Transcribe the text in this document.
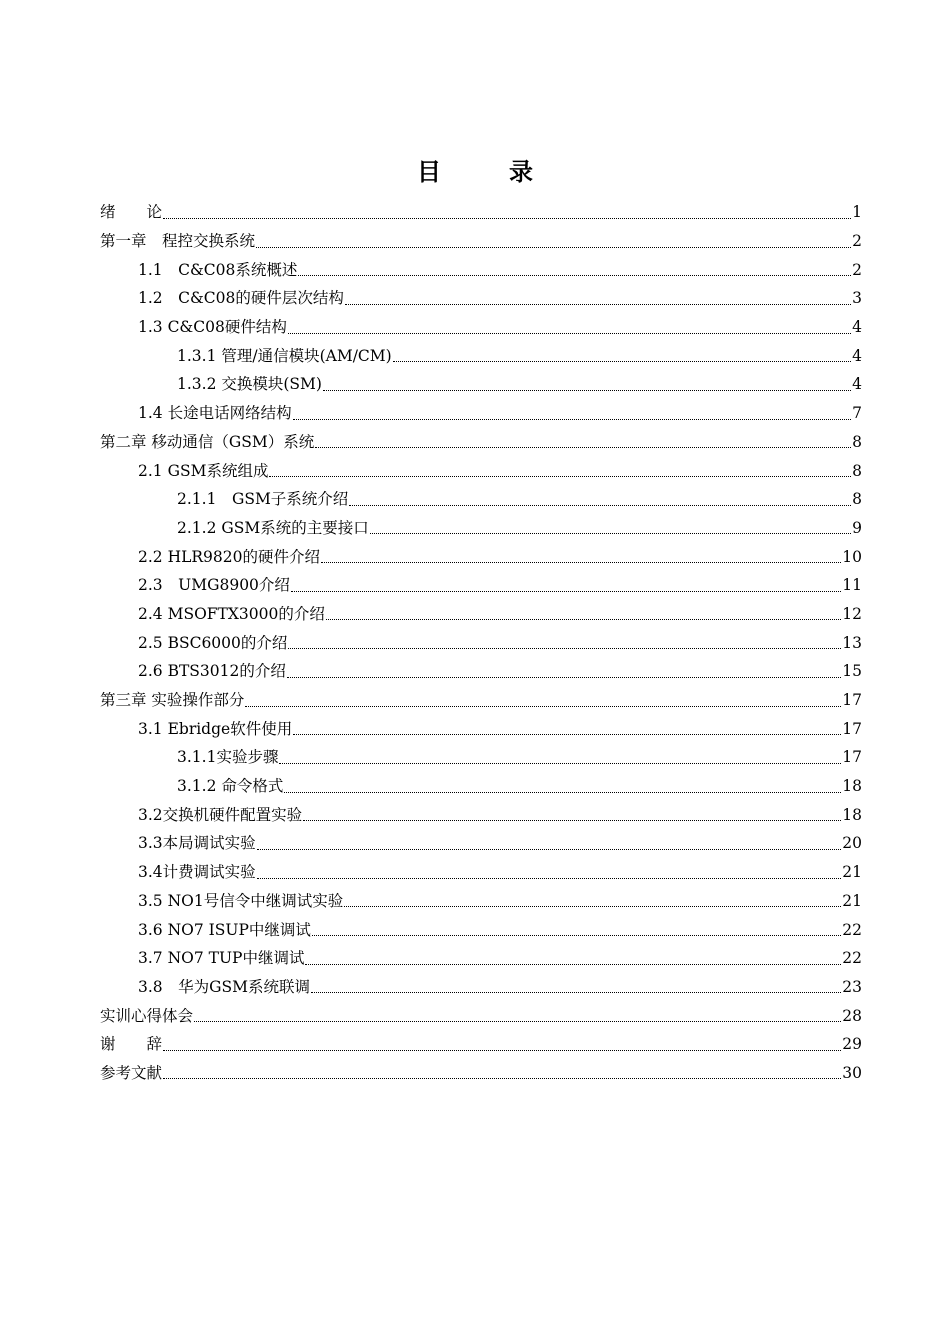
目　录
绪　　论	1
第一章　程控交换系统	2
1.1　C&C08系统概述	2
1.2　C&C08的硬件层次结构	3
1.3 C&C08硬件结构	4
1.3.1 管理/通信模块(AM/CM)	4
1.3.2 交换模块(SM)	4
1.4 长途电话网络结构	7
第二章 移动通信（GSM）系统	8
2.1 GSM系统组成	8
2.1.1　GSM子系统介绍	8
2.1.2 GSM系统的主要接口	9
2.2 HLR9820的硬件介绍	10
2.3　UMG8900介绍	11
2.4 MSOFTX3000的介绍	12
2.5 BSC6000的介绍	13
2.6 BTS3012的介绍	15
第三章 实验操作部分	17
3.1 Ebridge软件使用	17
3.1.1实验步骤	17
3.1.2 命令格式	18
3.2交换机硬件配置实验	18
3.3本局调试实验	20
3.4计费调试实验	21
3.5 NO1号信令中继调试实验	21
3.6 NO7 ISUP中继调试	22
3.7 NO7 TUP中继调试	22
3.8　华为GSM系统联调	23
实训心得体会	28
谢　　辞	29
参考文献	30
